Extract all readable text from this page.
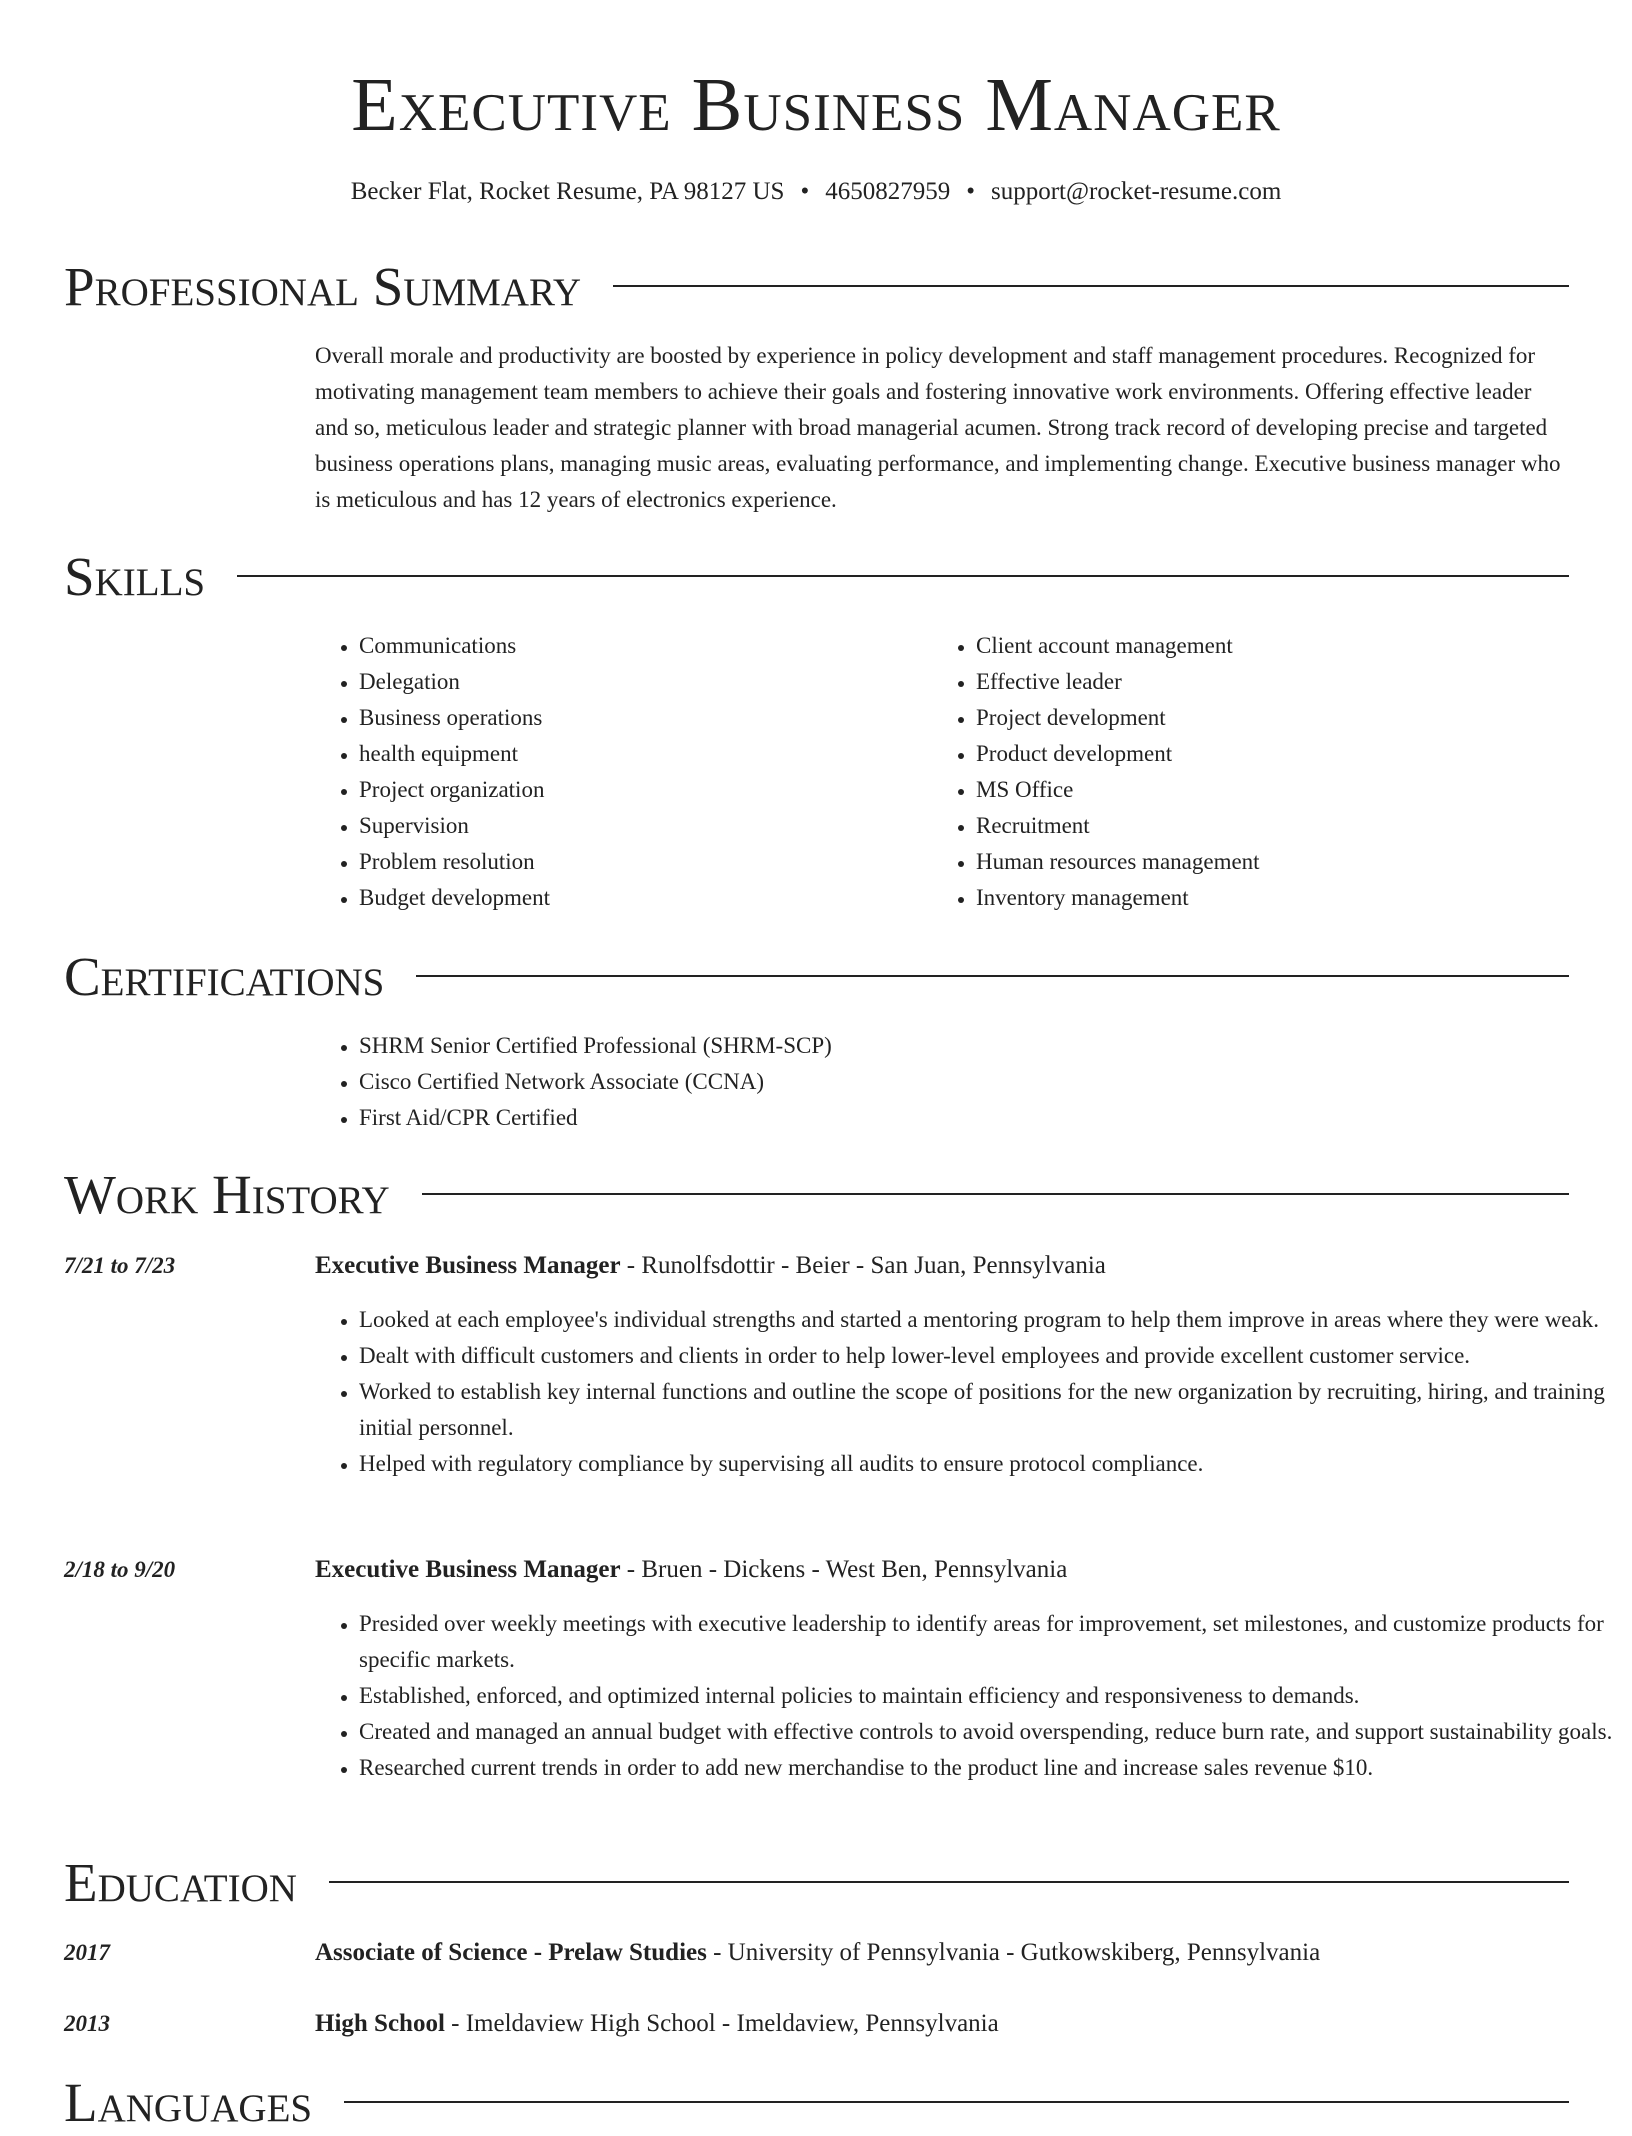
Executive Business Manager
Becker Flat, Rocket Resume, PA 98127 US • 4650827959 • support@rocket-resume.com
Professional Summary
Overall morale and productivity are boosted by experience in policy development and staff management procedures. Recognized for motivating management team members to achieve their goals and fostering innovative work environments. Offering effective leader and so, meticulous leader and strategic planner with broad managerial acumen. Strong track record of developing precise and targeted business operations plans, managing music areas, evaluating performance, and implementing change. Executive business manager who is meticulous and has 12 years of electronics experience.
Skills
• Communications
• Delegation
• Business operations
• health equipment
• Project organization
• Supervision
• Problem resolution
• Budget development
• Client account management
• Effective leader
• Project development
• Product development
• MS Office
• Recruitment
• Human resources management
• Inventory management
Certifications
• SHRM Senior Certified Professional (SHRM-SCP)
• Cisco Certified Network Associate (CCNA)
• First Aid/CPR Certified
Work History
7/21 to 7/23	Executive Business Manager - Runolfsdottir - Beier - San Juan, Pennsylvania
• Looked at each employee's individual strengths and started a mentoring program to help them improve in areas where they were weak.
• Dealt with difficult customers and clients in order to help lower-level employees and provide excellent customer service.
• Worked to establish key internal functions and outline the scope of positions for the new organization by recruiting, hiring, and training initial personnel.
• Helped with regulatory compliance by supervising all audits to ensure protocol compliance.
2/18 to 9/20	Executive Business Manager - Bruen - Dickens - West Ben, Pennsylvania
• Presided over weekly meetings with executive leadership to identify areas for improvement, set milestones, and customize products for specific markets.
• Established, enforced, and optimized internal policies to maintain efficiency and responsiveness to demands.
• Created and managed an annual budget with effective controls to avoid overspending, reduce burn rate, and support sustainability goals.
• Researched current trends in order to add new merchandise to the product line and increase sales revenue $10.
Education
2017	Associate of Science - Prelaw Studies - University of Pennsylvania - Gutkowskiberg, Pennsylvania
2013	High School - Imeldaview High School - Imeldaview, Pennsylvania
Languages
